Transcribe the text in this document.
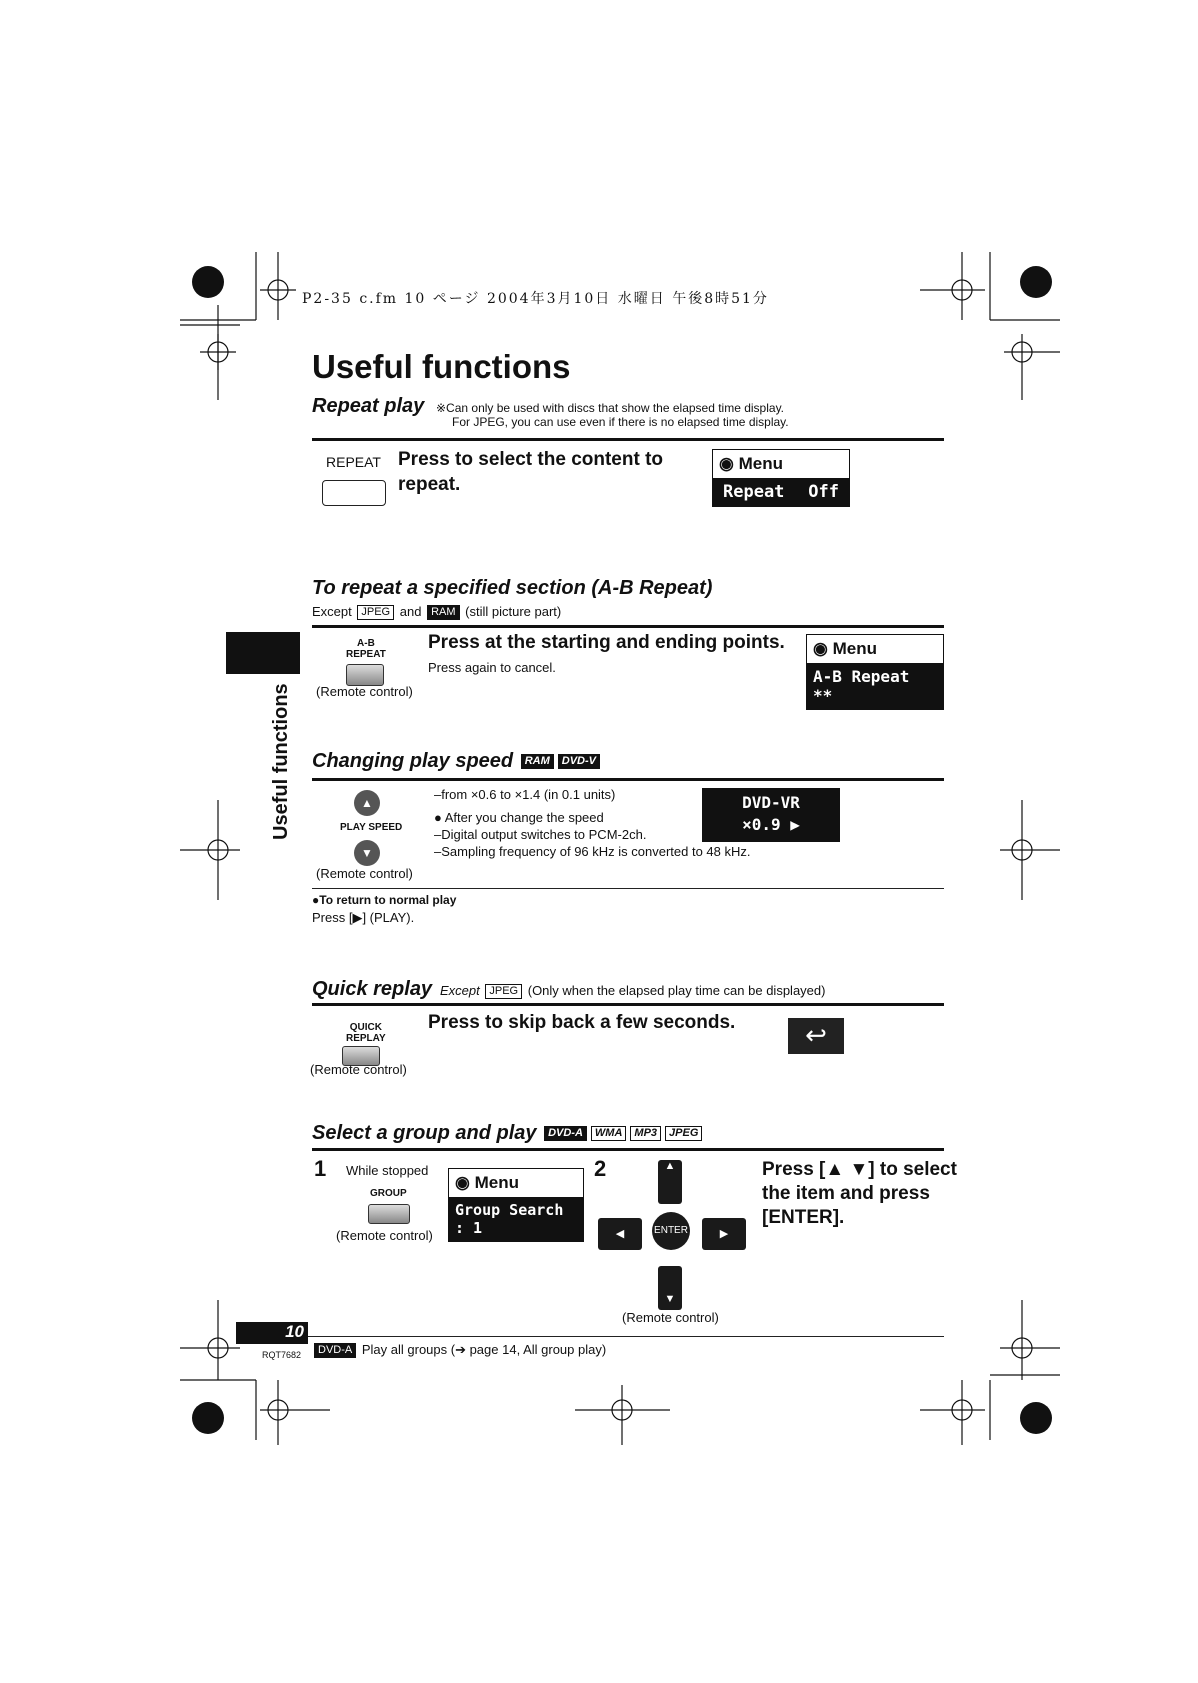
P2-35 c.fm 10 ページ 2004年3月10日 水曜日 午後8時51分
Useful functions
Useful functions
Repeat play ※Can only be used with discs that show the elapsed time display.
For JPEG, you can use even if there is no elapsed time display.
REPEAT Press to select the content to repeat.
◉ Menu
Repeat Off
To repeat a specified section (A-B Repeat)
Except JPEG and RAM (still picture part)
A-B
REPEAT
(Remote control)
Press at the starting and ending points.
Press again to cancel.
◉ Menu
A-B Repeat **
Changing play speed RAM DVD-V
▲
PLAY SPEED
▼
(Remote control)
–from ×0.6 to ×1.4 (in 0.1 units)
● After you change the speed
–Digital output switches to PCM-2ch.
–Sampling frequency of 96 kHz is converted to 48 kHz.
DVD-VR
×0.9 ▶
●To return to normal play
Press [▶] (PLAY).
Quick replay Except JPEG (Only when the elapsed play time can be displayed)
QUICK
REPLAY
(Remote control)
Press to skip back a few seconds.	↩
Select a group and play DVD-A WMA MP3 JPEG
1 While stopped
GROUP
(Remote control)
◉ Menu
Group Search : 1
2	▲
◀	ENTER	▶
▼
(Remote control)
Press [▲ ▼] to select the item and press [ENTER].
10
RQT7682	DVD-A Play all groups (➔ page 14, All group play)
